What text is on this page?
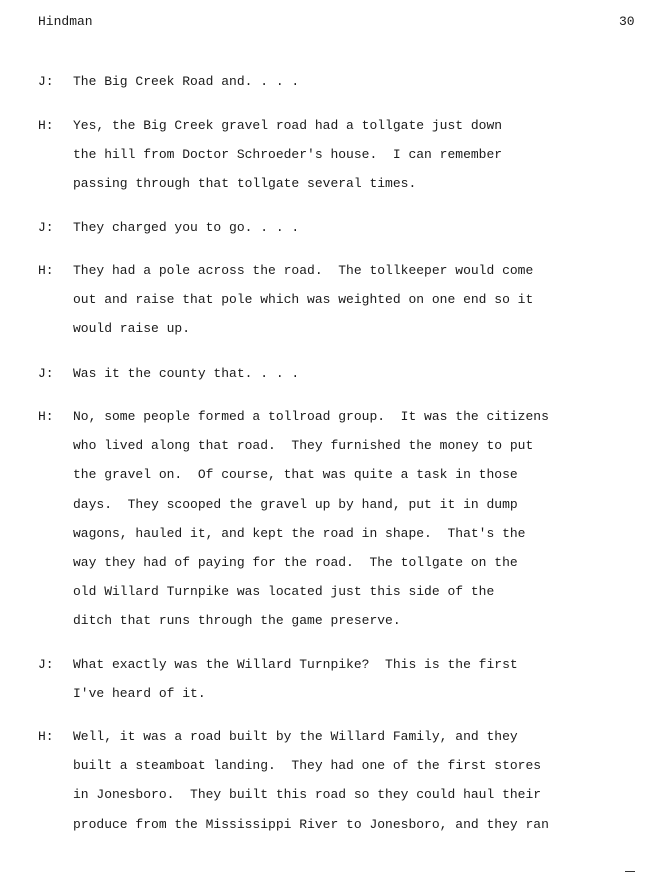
Hindman	30
J:	The Big Creek Road and. . . .
H:	Yes, the Big Creek gravel road had a tollgate just down
the hill from Doctor Schroeder's house.  I can remember
passing through that tollgate several times.
J:	They charged you to go. . . .
H:	They had a pole across the road.  The tollkeeper would come
out and raise that pole which was weighted on one end so it
would raise up.
J:	Was it the county that. . . .
H:	No, some people formed a tollroad group.  It was the citizens
who lived along that road.  They furnished the money to put
the gravel on.  Of course, that was quite a task in those
days.  They scooped the gravel up by hand, put it in dump
wagons, hauled it, and kept the road in shape.  That's the
way they had of paying for the road.  The tollgate on the
old Willard Turnpike was located just this side of the
ditch that runs through the game preserve.
J:	What exactly was the Willard Turnpike?  This is the first
I've heard of it.
H:	Well, it was a road built by the Willard Family, and they
built a steamboat landing.  They had one of the first stores
in Jonesboro.  They built this road so they could haul their
produce from the Mississippi River to Jonesboro, and they ran
